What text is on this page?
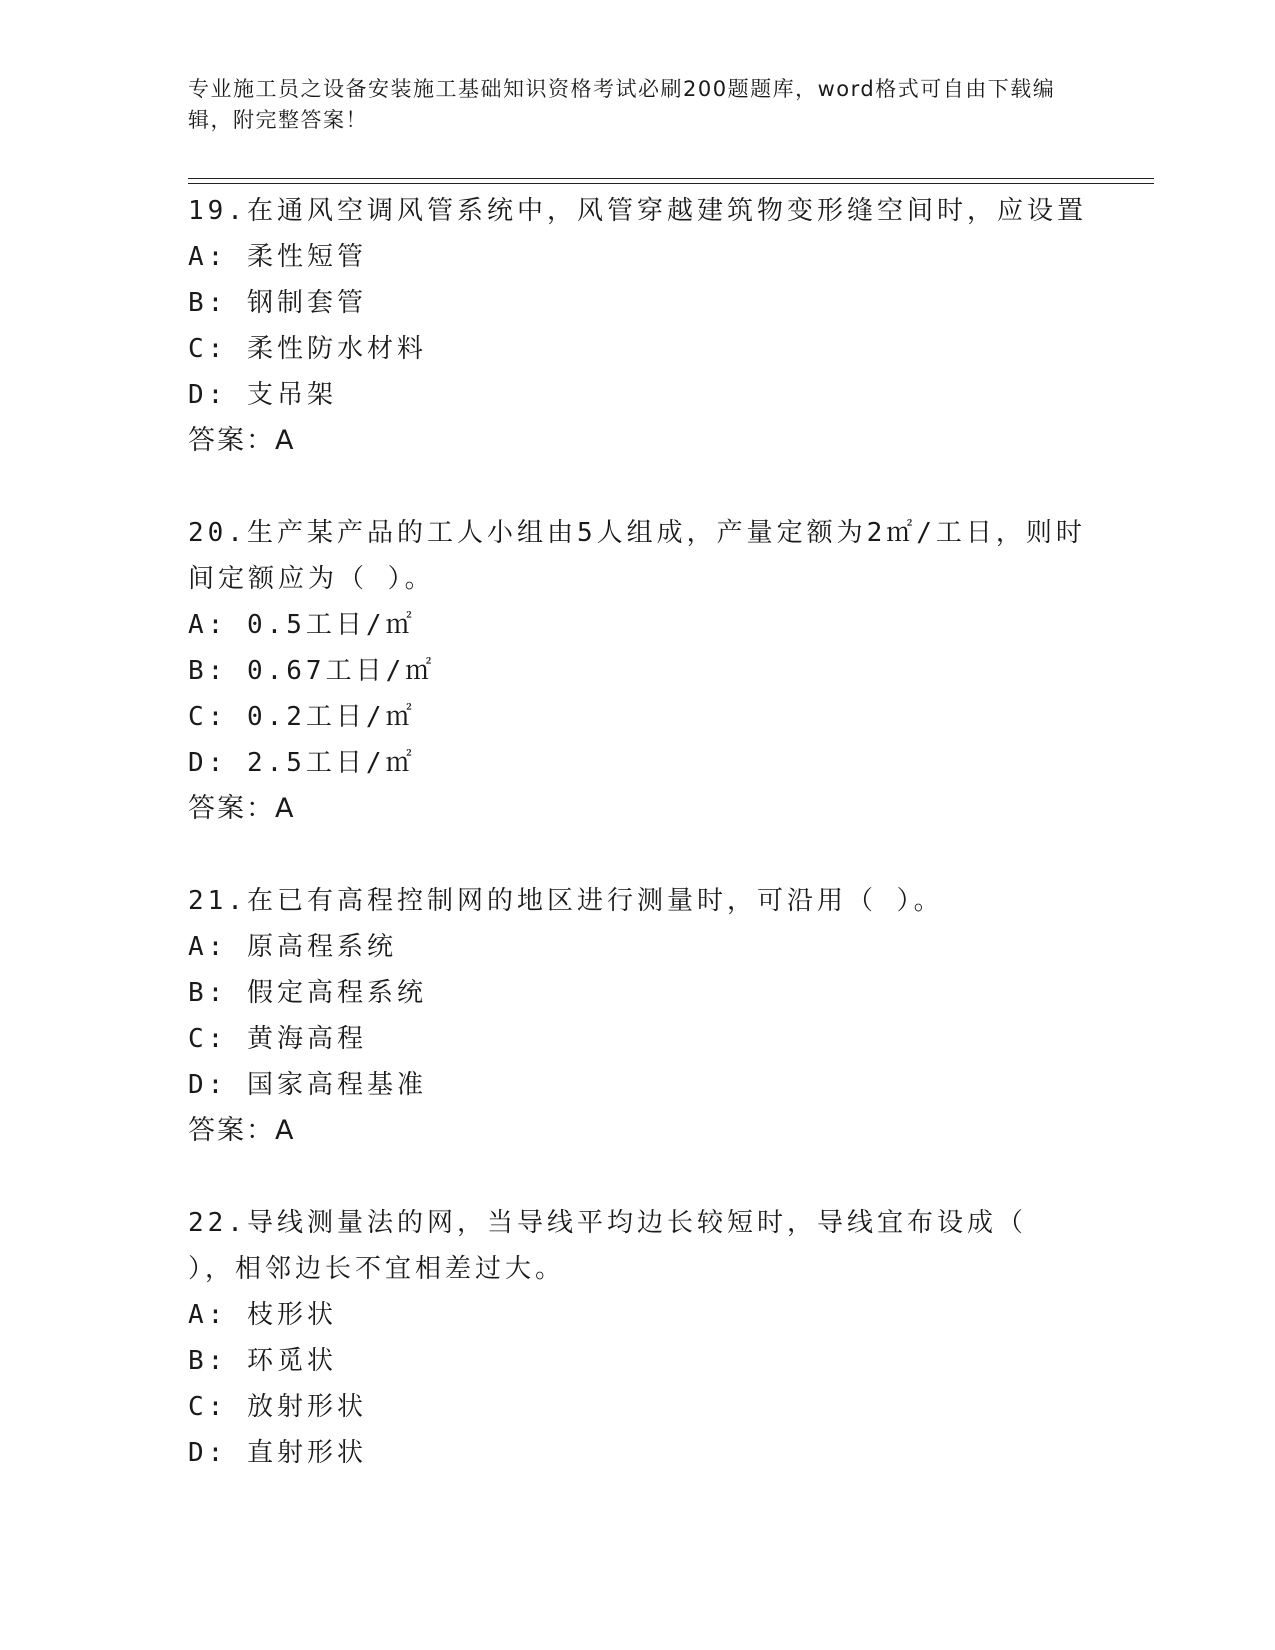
专业施工员之设备安装施工基础知识资格考试必刷200题题库，word格式可自由下载编辑，附完整答案！
19.在通风空调风管系统中，风管穿越建筑物变形缝空间时，应设置
A: 柔性短管
B: 钢制套管
C: 柔性防水材料
D: 支吊架
答案：A
20.生产某产品的工人小组由5人组成，产量定额为2㎡/工日，则时间定额应为（ ）。
A: 0.5工日/㎡
B: 0.67工日/㎡
C: 0.2工日/㎡
D: 2.5工日/㎡
答案：A
21.在已有高程控制网的地区进行测量时，可沿用（ ）。
A: 原高程系统
B: 假定高程系统
C: 黄海高程
D: 国家高程基准
答案：A
22.导线测量法的网，当导线平均边长较短时，导线宜布设成（ ），相邻边长不宜相差过大。
A: 枝形状
B: 环觅状
C: 放射形状
D: 直射形状
